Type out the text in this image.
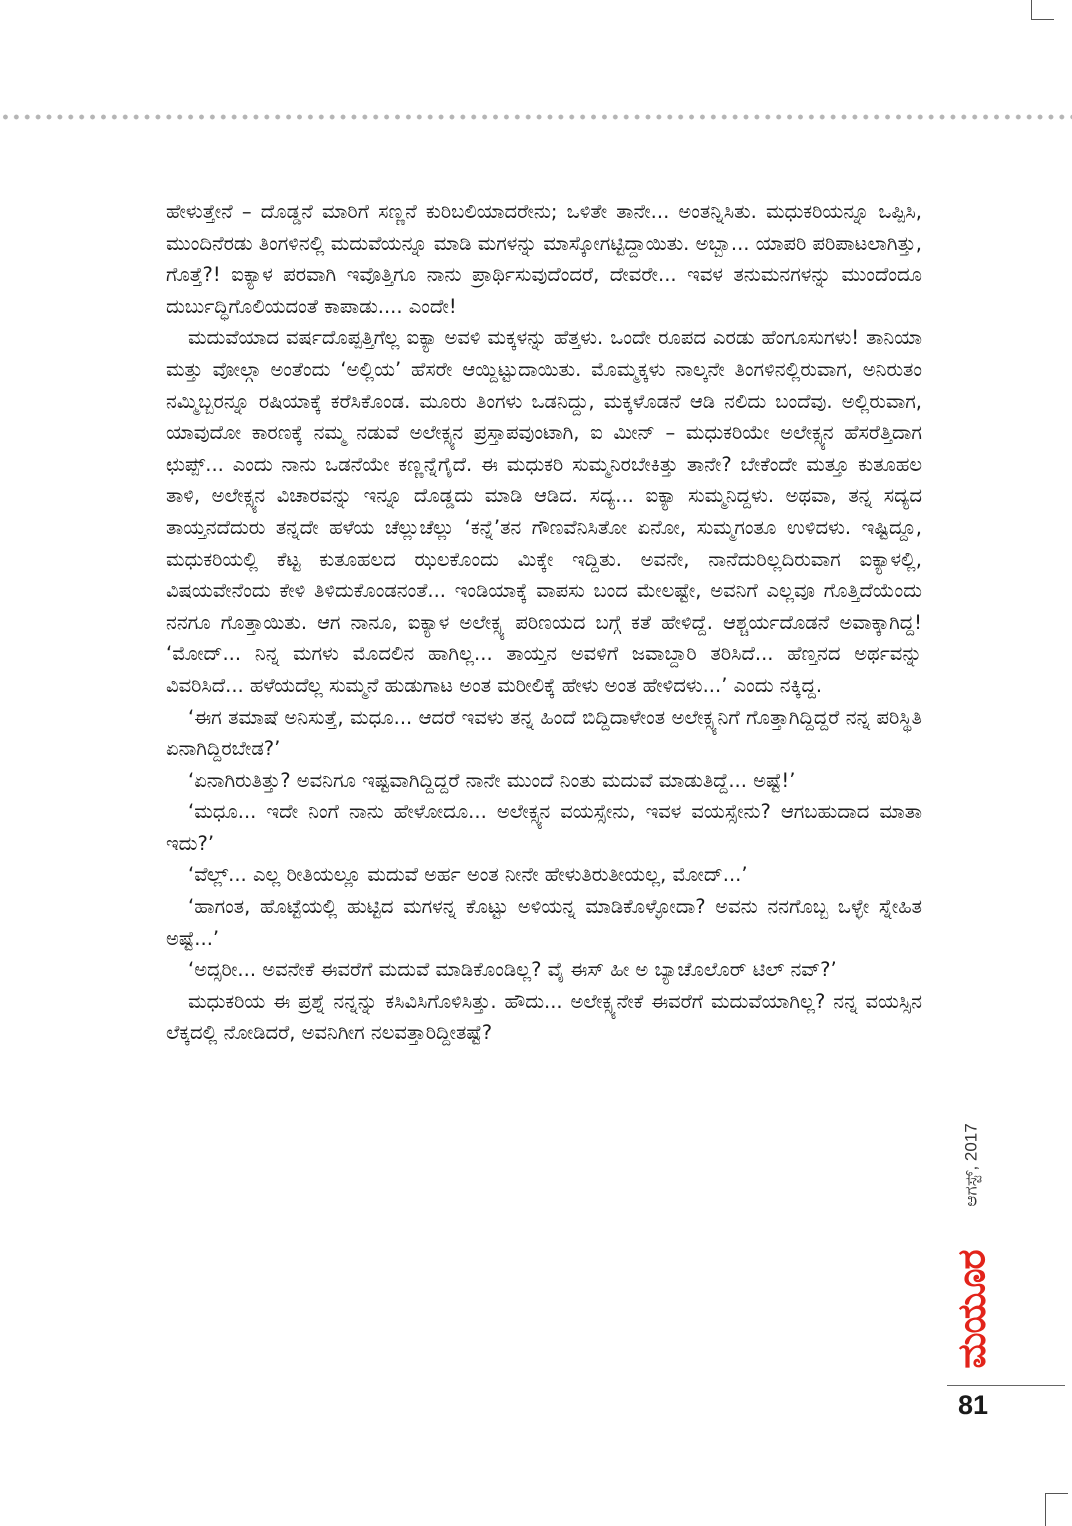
ಹೇಳುತ್ತೇನೆ – ದೊಡ್ಡನೆ ಮಾರಿಗೆ ಸಣ್ಣನೆ ಕುರಿಬಲಿಯಾದರೇನು; ಒಳಿತೇ ತಾನೇ... ಅಂತನ್ನಿಸಿತು. ಮಧುಕರಿಯನ್ನೂ ಒಪ್ಪಿಸಿ, ಮುಂದಿನೆರಡು ತಿಂಗಳಿನಲ್ಲಿ ಮದುವೆಯನ್ನೂ ಮಾಡಿ ಮಗಳನ್ನು ಮಾಸ್ಕೋಗಟ್ಟಿದ್ದಾಯಿತು. ಅಬ್ಬಾ... ಯಾಪರಿ ಪರಿಪಾಟಲಾಗಿತ್ತು, ಗೊತ್ತೆ?! ಐಕ್ಯಾಳ ಪರವಾಗಿ ಇವೊತ್ತಿಗೂ ನಾನು ಪ್ರಾರ್ಥಿಸುವುದೆಂದರೆ, ದೇವರೇ... ಇವಳ ತನುಮನಗಳನ್ನು ಮುಂದೆಂದೂ ದುರ್ಬುದ್ಧಿಗೊಲಿಯದಂತೆ ಕಾಪಾಡು.... ಎಂದೇ!

ಮದುವೆಯಾದ ವರ್ಷದೊಪ್ಪತ್ತಿಗೆಲ್ಲ ಐಕ್ಯಾ ಅವಳಿ ಮಕ್ಕಳನ್ನು ಹೆತ್ತಳು. ಒಂದೇ ರೂಪದ ಎರಡು ಹೆಂಗೂಸುಗಳು! ತಾನಿಯಾ ಮತ್ತು ವೋಲ್ಗಾ ಅಂತೆಂದು ‘ಅಲ್ಲಿಯ’ ಹೆಸರೇ ಆಯ್ದಿಟ್ಟುದಾಯಿತು. ಮೊಮ್ಮಕ್ಕಳು ನಾಲ್ಕನೇ ತಿಂಗಳಿನಲ್ಲಿರುವಾಗ, ಅನಿರುತಂ ನಮ್ಮಿಬ್ಬರನ್ನೂ ರಷಿಯಾಕ್ಕೆ ಕರೆಸಿಕೊಂಡ. ಮೂರು ತಿಂಗಳು ಒಡನಿದ್ದು, ಮಕ್ಕಳೊಡನೆ ಆಡಿ ನಲಿದು ಬಂದೆವು. ಅಲ್ಲಿರುವಾಗ, ಯಾವುದೋ ಕಾರಣಕ್ಕೆ ನಮ್ಮ ನಡುವೆ ಅಲೇಕ್ಸ್ಯನ ಪ್ರಸ್ತಾಪವುಂಟಾಗಿ, ಐ ಮೀನ್ – ಮಧುಕರಿಯೇ ಅಲೇಕ್ಸ್ಯನ ಹೆಸರೆತ್ತಿದಾಗ ಛುಪ್ಪ್... ಎಂದು ನಾನು ಒಡನೆಯೇ ಕಣ್ಣನ್ನೆಗೈದೆ. ಈ ಮಧುಕರಿ ಸುಮ್ಮನಿರಬೇಕಿತ್ತು ತಾನೇ? ಬೇಕೆಂದೇ ಮತ್ತೂ ಕುತೂಹಲ ತಾಳಿ, ಅಲೇಕ್ಸ್ಯನ ವಿಚಾರವನ್ನು ಇನ್ನೂ ದೊಡ್ಡದು ಮಾಡಿ ಆಡಿದ. ಸದ್ಯ... ಐಕ್ಯಾ ಸುಮ್ಮನಿದ್ದಳು. ಅಥವಾ, ತನ್ನ ಸದ್ಯದ ತಾಯ್ತನದೆದುರು ತನ್ನದೇ ಹಳೆಯ ಚೆಲ್ಲುಚೆಲ್ಲು ‘ಕನ್ನೆ’ತನ ಗೌಣವೆನಿಸಿತೋ ಏನೋ, ಸುಮ್ಮಗಂತೂ ಉಳಿದಳು. ಇಷ್ಟಿದ್ದೂ, ಮಧುಕರಿಯಲ್ಲಿ ಕೆಟ್ಟ ಕುತೂಹಲದ ಝಲಕೊಂದು ಮಿಕ್ಕೇ ಇದ್ದಿತು. ಅವನೇ, ನಾನೆದುರಿಲ್ಲದಿರುವಾಗ ಐಕ್ಯಾಳಲ್ಲಿ, ವಿಷಯವೇನೆಂದು ಕೇಳಿ ತಿಳಿದುಕೊಂಡನಂತೆ... ಇಂಡಿಯಾಕ್ಕೆ ವಾಪಸು ಬಂದ ಮೇಲಷ್ಟೇ, ಅವನಿಗೆ ಎಲ್ಲವೂ ಗೊತ್ತಿದೆಯೆಂದು ನನಗೂ ಗೊತ್ತಾಯಿತು. ಆಗ ನಾನೂ, ಐಕ್ಯಾಳ ಅಲೇಕ್ಸ್ಯ ಪರಿಣಯದ ಬಗ್ಗೆ ಕತೆ ಹೇಳಿದ್ದೆ. ಆಶ್ಚರ್ಯದೊಡನೆ ಅವಾಕ್ಕಾಗಿದ್ದ! ‘ಮೋದ್... ನಿನ್ನ ಮಗಳು ಮೊದಲಿನ ಹಾಗಿಲ್ಲ... ತಾಯ್ತನ ಅವಳಿಗೆ ಜವಾಬ್ದಾರಿ ತರಿಸಿದೆ... ಹೆಣ್ತನದ ಅರ್ಥವನ್ನು ವಿವರಿಸಿದೆ... ಹಳೆಯದೆಲ್ಲ ಸುಮ್ಮನೆ ಹುಡುಗಾಟ ಅಂತ ಮರೀಲಿಕ್ಕೆ ಹೇಳು ಅಂತ ಹೇಳಿದಳು...’ ಎಂದು ನಕ್ಕಿದ್ದ.

‘ಈಗ ತಮಾಷೆ ಅನಿಸುತ್ತೆ, ಮಧೂ... ಆದರೆ ಇವಳು ತನ್ನ ಹಿಂದೆ ಬಿದ್ದಿದಾಳೇಂತ ಅಲೇಕ್ಸ್ಯನಿಗೆ ಗೊತ್ತಾಗಿದ್ದಿದ್ದರೆ ನನ್ನ ಪರಿಸ್ಥಿತಿ ಏನಾಗಿದ್ದಿರಬೇಡ?’

‘ಏನಾಗಿರುತಿತ್ತು? ಅವನಿಗೂ ಇಷ್ಟವಾಗಿದ್ದಿದ್ದರೆ ನಾನೇ ಮುಂದೆ ನಿಂತು ಮದುವೆ ಮಾಡುತಿದ್ದೆ... ಅಷ್ಟೆ!’

‘ಮಧೂ... ಇದೇ ನಿಂಗೆ ನಾನು ಹೇಳೋದೂ... ಅಲೇಕ್ಸ್ಯನ ವಯಸ್ಸೇನು, ಇವಳ ವಯಸ್ಸೇನು? ಆಗಬಹುದಾದ ಮಾತಾ ಇದು?’

‘ವೆಲ್ಲ್... ಎಲ್ಲ ರೀತಿಯಲ್ಲೂ ಮದುವೆ ಅರ್ಹ ಅಂತ ನೀನೇ ಹೇಳುತಿರುತೀಯಲ್ಲ, ಮೋದ್...’

‘ಹಾಗಂತ, ಹೊಟ್ಟೆಯಲ್ಲಿ ಹುಟ್ಟಿದ ಮಗಳನ್ನ ಕೊಟ್ಟು ಅಳಿಯನ್ನ ಮಾಡಿಕೊಳ್ಳೋದಾ? ಅವನು ನನಗೊಬ್ಬ ಒಳ್ಳೇ ಸ್ನೇಹಿತ ಅಷ್ಟೆ...’

‘ಅದ್ಸರೀ... ಅವನೇಕೆ ಈವರೆಗೆ ಮದುವೆ ಮಾಡಿಕೊಂಡಿಲ್ಲ? ವೈ ಈಸ್ ಹೀ ಅ ಬ್ಯಾಚೊಲೊರ್ ಟಿಲ್ ನವ್?’

ಮಧುಕರಿಯ ಈ ಪ್ರಶ್ನೆ ನನ್ನನ್ನು ಕಸಿವಿಸಿಗೊಳಿಸಿತ್ತು. ಹೌದು... ಅಲೇಕ್ಸ್ಯನೇಕೆ ಈವರೆಗೆ ಮದುವೆಯಾಗಿಲ್ಲ? ನನ್ನ ವಯಸ್ಸಿನ ಲೆಕ್ಕದಲ್ಲಿ ನೋಡಿದರೆ, ಅವನಿಗೀಗ ನಲವತ್ತಾರಿದ್ದೀತಷ್ಟೆ?

ಆಗಸ್ಟ್, 2017
ಮಯೂರ
81
